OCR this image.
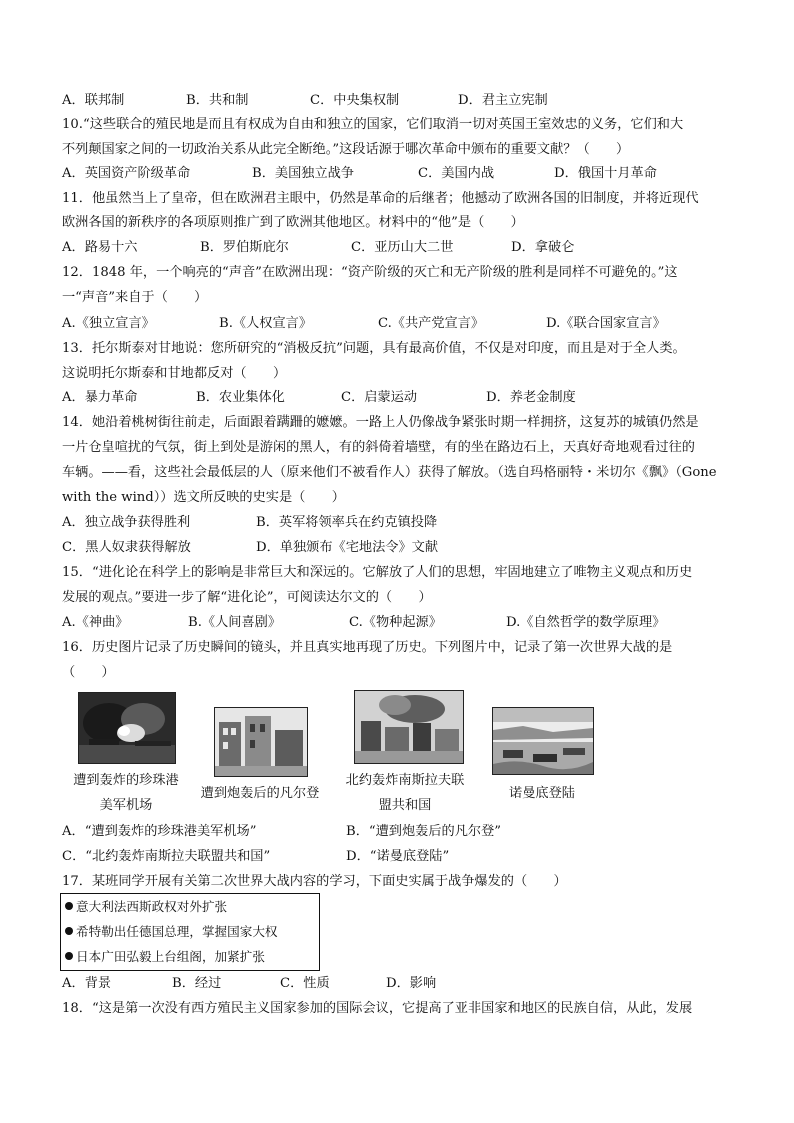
A．联邦制	B．共和制	C．中央集权制	D．君主立宪制
10.“这些联合的殖民地是而且有权成为自由和独立的国家，它们取消一切对英国王室效忠的义务，它们和大
不列颠国家之间的一切政治关系从此完全断绝。”这段话源于哪次革命中颁布的重要文献？（　　）
A．英国资产阶级革命	B．美国独立战争	C．美国内战	D．俄国十月革命
11．他虽然当上了皇帝，但在欧洲君主眼中，仍然是革命的后继者；他撼动了欧洲各国的旧制度，并将近现代
欧洲各国的新秩序的各项原则推广到了欧洲其他地区。材料中的“他”是（　　）
A．路易十六	B．罗伯斯庇尔	C．亚历山大二世	D．拿破仑
12．1848 年，一个响亮的“声音”在欧洲出现：“资产阶级的灭亡和无产阶级的胜利是同样不可避免的。”这
一“声音”来自于（　　）
A.《独立宣言》	B.《人权宣言》	C.《共产党宣言》	D.《联合国家宣言》
13．托尔斯泰对甘地说：您所研究的“消极反抗”问题，具有最高价值，不仅是对印度，而且是对于全人类。
这说明托尔斯泰和甘地都反对（　　）
A．暴力革命	B．农业集体化	C．启蒙运动	D．养老金制度
14．她沿着桃树街往前走，后面跟着蹒跚的嬷嬷。一路上人仍像战争紧张时期一样拥挤，这复苏的城镇仍然是
一片仓皇喧扰的气氛，街上到处是游闲的黑人，有的斜倚着墙壁，有的坐在路边石上，天真好奇地观看过往的
车辆。——看，这些社会最低层的人（原来他们不被看作人）获得了解放。（选自玛格丽特・米切尔《飘》（Gone
with the wind））选文所反映的史实是（　　）
A．独立战争获得胜利	B．英军将领率兵在约克镇投降
C．黑人奴隶获得解放	D．单独颁布《宅地法令》文献
15．“进化论在科学上的影响是非常巨大和深远的。它解放了人们的思想，牢固地建立了唯物主义观点和历史
发展的观点。”要进一步了解“进化论”，可阅读达尔文的（　　）
A.《神曲》	B.《人间喜剧》	C.《物种起源》	D.《自然哲学的数学原理》
16．历史图片记录了历史瞬间的镜头，并且真实地再现了历史。下列图片中，记录了第一次世界大战的是
（　　）
遭到轰炸的珍珠港
美军机场
遭到炮轰后的凡尔登
北约轰炸南斯拉夫联
盟共和国
诺曼底登陆
A．“遭到轰炸的珍珠港美军机场”	B．“遭到炮轰后的凡尔登”
C．“北约轰炸南斯拉夫联盟共和国”	D．“诺曼底登陆”
17．某班同学开展有关第二次世界大战内容的学习，下面史实属于战争爆发的（　　）
意大利法西斯政权对外扩张
希特勒出任德国总理，掌握国家大权
日本广田弘毅上台组阁，加紧扩张
A．背景	B．经过	C．性质	D．影响
18．“这是第一次没有西方殖民主义国家参加的国际会议，它提高了亚非国家和地区的民族自信，从此，发展
